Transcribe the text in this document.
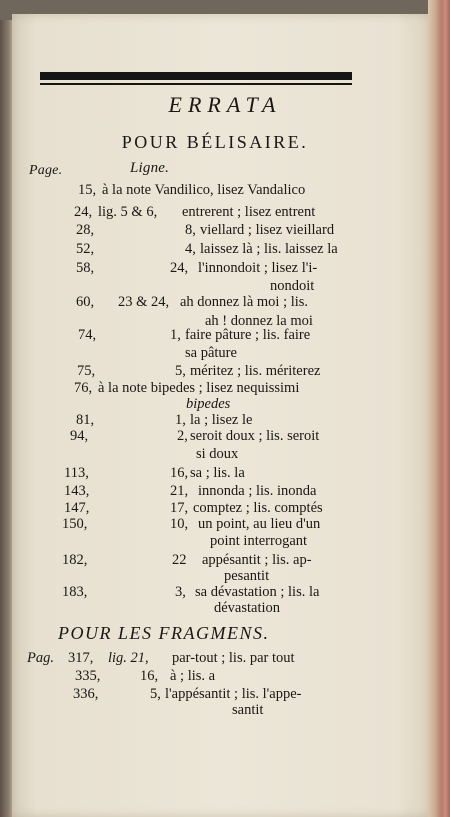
ERRATA
POUR BÉLISAIRE.
Page.	Ligne.
15, à la note Vandilico, lisez Vandalico
24, lig. 5 & 6, entrerent ; lisez entrent
28,	8, viellard ; lisez vieillard
52,	4, laissez là ; lis. laissez la
58,	24, l'innondoit ; lisez l'i-
nondoit
60, 23 & 24, ah donnez là moi ; lis.
ah ! donnez la moi
74,	1, faire pâture ; lis. faire
sa pâture
75,	5, méritez ; lis. mériterez
76, à la note bipedes ; lisez nequissimi
bipedes
81,	1, la ; lisez le
94,	2, seroit doux ; lis. seroit
si doux
113,	16, sa ; lis. la
143,	21, innonda ; lis. inonda
147,	17, comptez ; lis. comptés
150,	10, un point, au lieu d'un
point interrogant
182,	22 appésantit ; lis. ap-
pesantit
183,	3, sa dévastation ; lis. la
dévastation
POUR LES FRAGMENS.
Pag. 317, lig. 21, par-tout ; lis. par tout
335,	16, à ; lis. a
336,	5, l'appésantit ; lis. l'appe-
santit
